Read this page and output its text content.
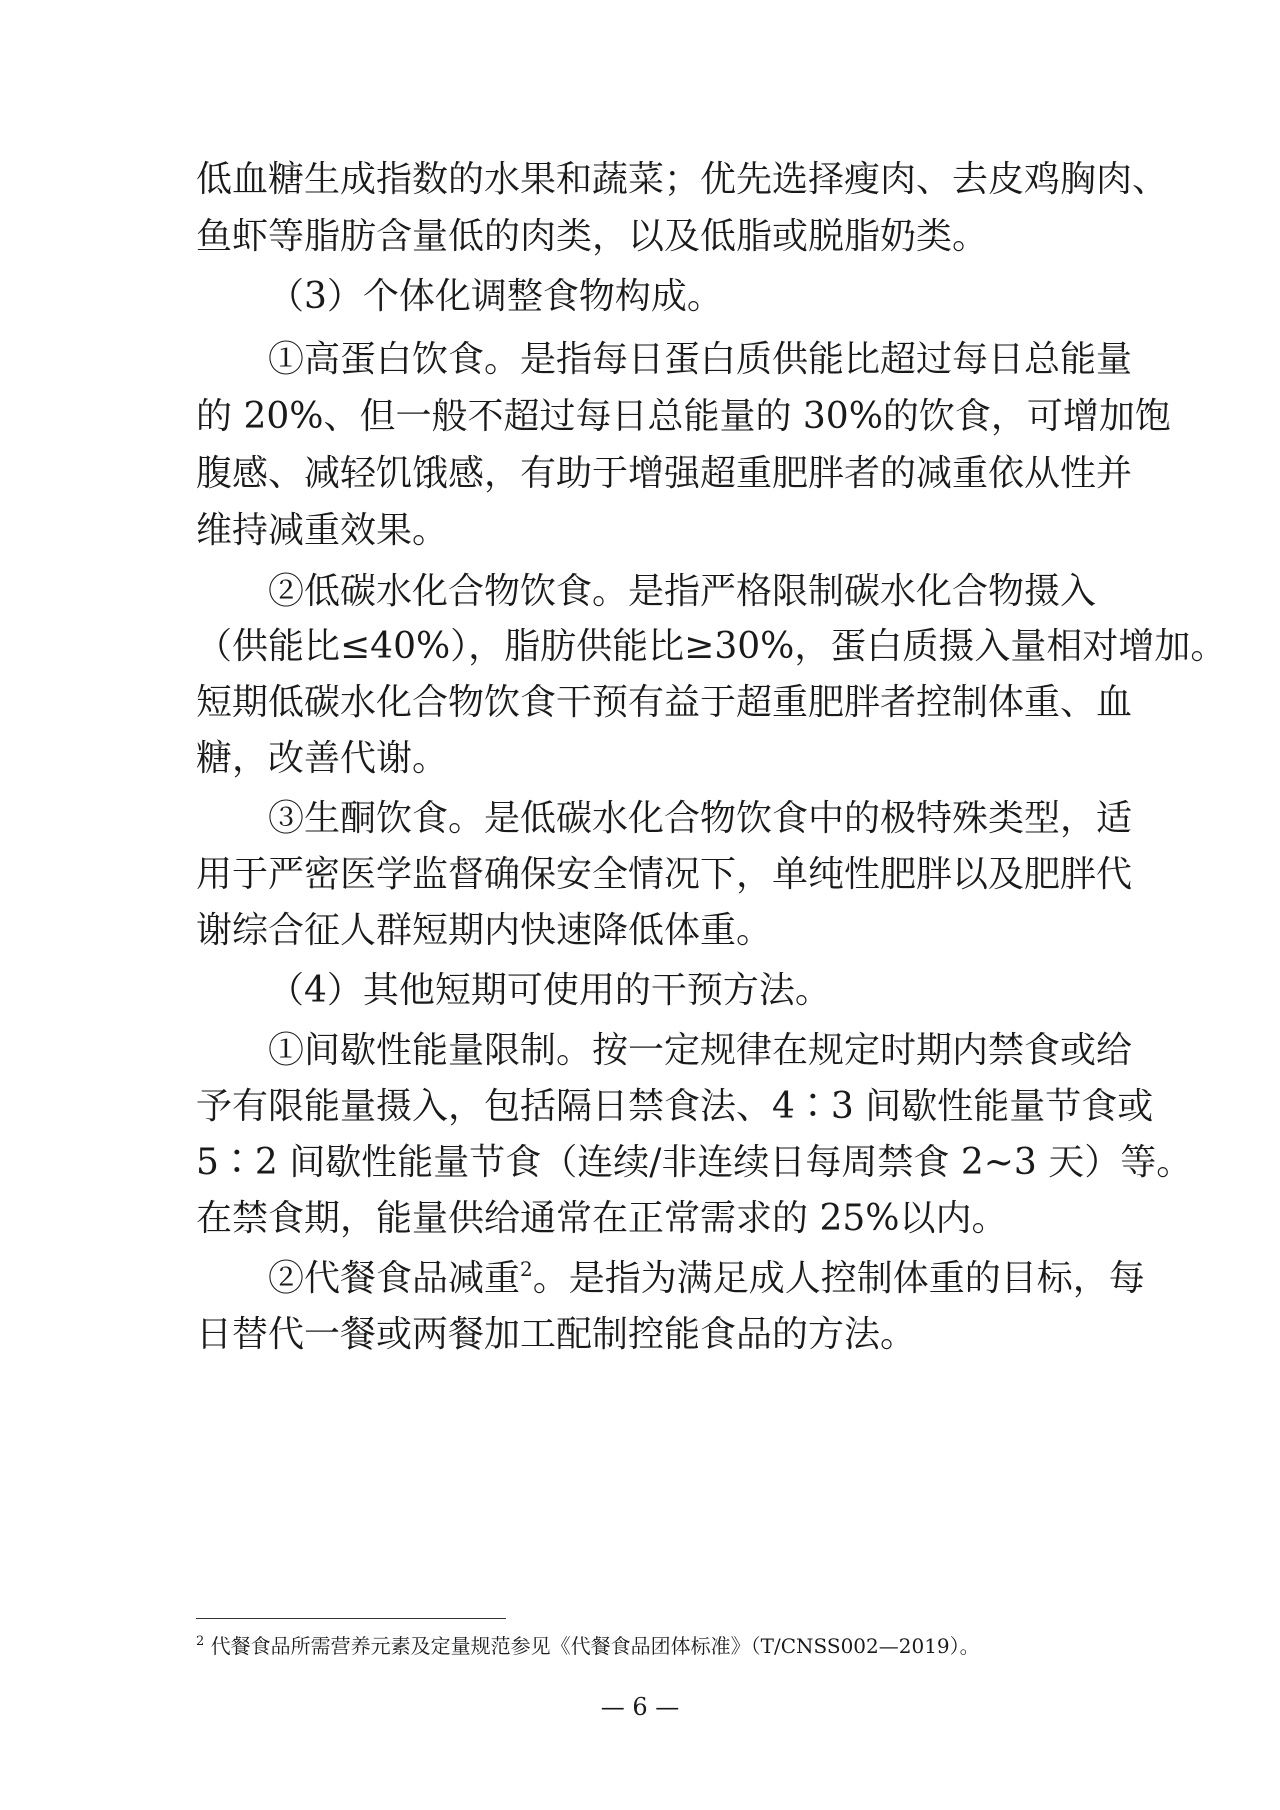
低血糖生成指数的水果和蔬菜；优先选择瘦肉、去皮鸡胸肉、
鱼虾等脂肪含量低的肉类，以及低脂或脱脂奶类。
（3）个体化调整食物构成。
①高蛋白饮食。是指每日蛋白质供能比超过每日总能量
的 20%、但一般不超过每日总能量的 30%的饮食，可增加饱
腹感、减轻饥饿感，有助于增强超重肥胖者的减重依从性并
维持减重效果。
②低碳水化合物饮食。是指严格限制碳水化合物摄入
（供能比≤40%），脂肪供能比≥30%，蛋白质摄入量相对增加。
短期低碳水化合物饮食干预有益于超重肥胖者控制体重、血
糖，改善代谢。
③生酮饮食。是低碳水化合物饮食中的极特殊类型，适
用于严密医学监督确保安全情况下，单纯性肥胖以及肥胖代
谢综合征人群短期内快速降低体重。
（4）其他短期可使用的干预方法。
①间歇性能量限制。按一定规律在规定时期内禁食或给
予有限能量摄入，包括隔日禁食法、4∶3 间歇性能量节食或
5∶2 间歇性能量节食（连续/非连续日每周禁食 2~3 天）等。
在禁食期，能量供给通常在正常需求的 25%以内。
②代餐食品减重$^2$。是指为满足成人控制体重的目标，每
日替代一餐或两餐加工配制控能食品的方法。
$^2$ 代餐食品所需营养元素及定量规范参见《代餐食品团体标准》（T/CNSS002—2019）。
— 6 —
